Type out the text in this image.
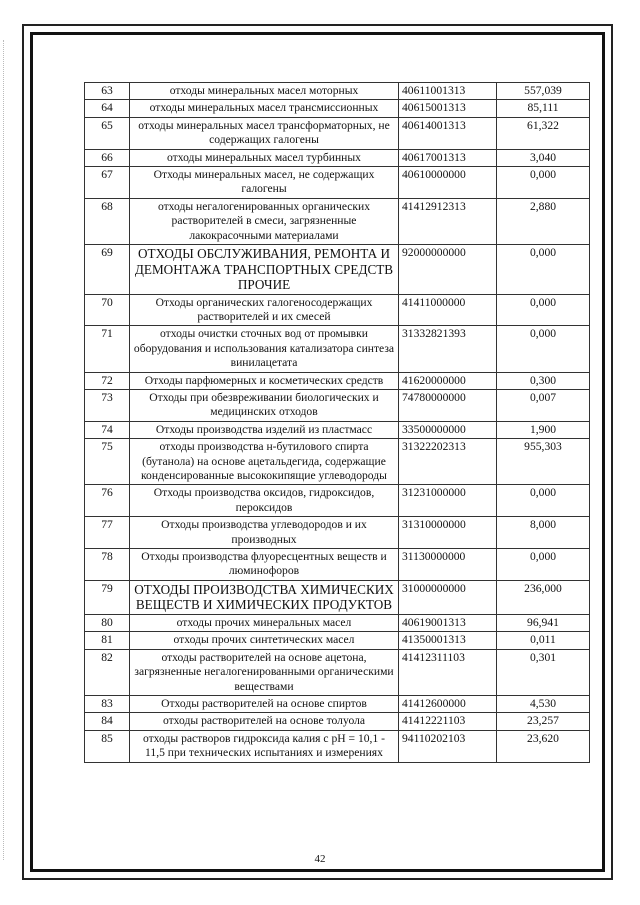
63	отходы минеральных масел моторных	40611001313	557,039
64	отходы минеральных масел трансмиссионных	40615001313	85,111
65	отходы минеральных масел трансформаторных, не содержащих галогены	40614001313	61,322
66	отходы минеральных масел турбинных	40617001313	3,040
67	Отходы минеральных масел, не содержащих галогены	40610000000	0,000
68	отходы негалогенированных органических растворителей в смеси, загрязненные лакокрасочными материалами	41412912313	2,880
69	ОТХОДЫ ОБСЛУЖИВАНИЯ, РЕМОНТА И ДЕМОНТАЖА ТРАНСПОРТНЫХ СРЕДСТВ ПРОЧИЕ	92000000000	0,000
70	Отходы органических галогеносодержащих растворителей и их смесей	41411000000	0,000
71	отходы очистки сточных вод от промывки оборудования и использования катализатора синтеза винилацетата	31332821393	0,000
72	Отходы парфюмерных и косметических средств	41620000000	0,300
73	Отходы при обезвреживании биологических и медицинских отходов	74780000000	0,007
74	Отходы производства изделий из пластмасс	33500000000	1,900
75	отходы производства н-бутилового спирта (бутанола) на основе ацетальдегида, содержащие конденсированные высококипящие углеводороды	31322202313	955,303
76	Отходы производства оксидов, гидроксидов, пероксидов	31231000000	0,000
77	Отходы производства углеводородов и их производных	31310000000	8,000
78	Отходы производства флуоресцентных веществ и люминофоров	31130000000	0,000
79	ОТХОДЫ ПРОИЗВОДСТВА ХИМИЧЕСКИХ ВЕЩЕСТВ И ХИМИЧЕСКИХ ПРОДУКТОВ	31000000000	236,000
80	отходы прочих минеральных масел	40619001313	96,941
81	отходы прочих синтетических масел	41350001313	0,011
82	отходы растворителей на основе ацетона, загрязненные негалогенированными органическими веществами	41412311103	0,301
83	Отходы растворителей на основе спиртов	41412600000	4,530
84	отходы растворителей на основе толуола	41412221103	23,257
85	отходы растворов гидроксида калия с pH = 10,1 - 11,5 при технических испытаниях и измерениях	94110202103	23,620
42
